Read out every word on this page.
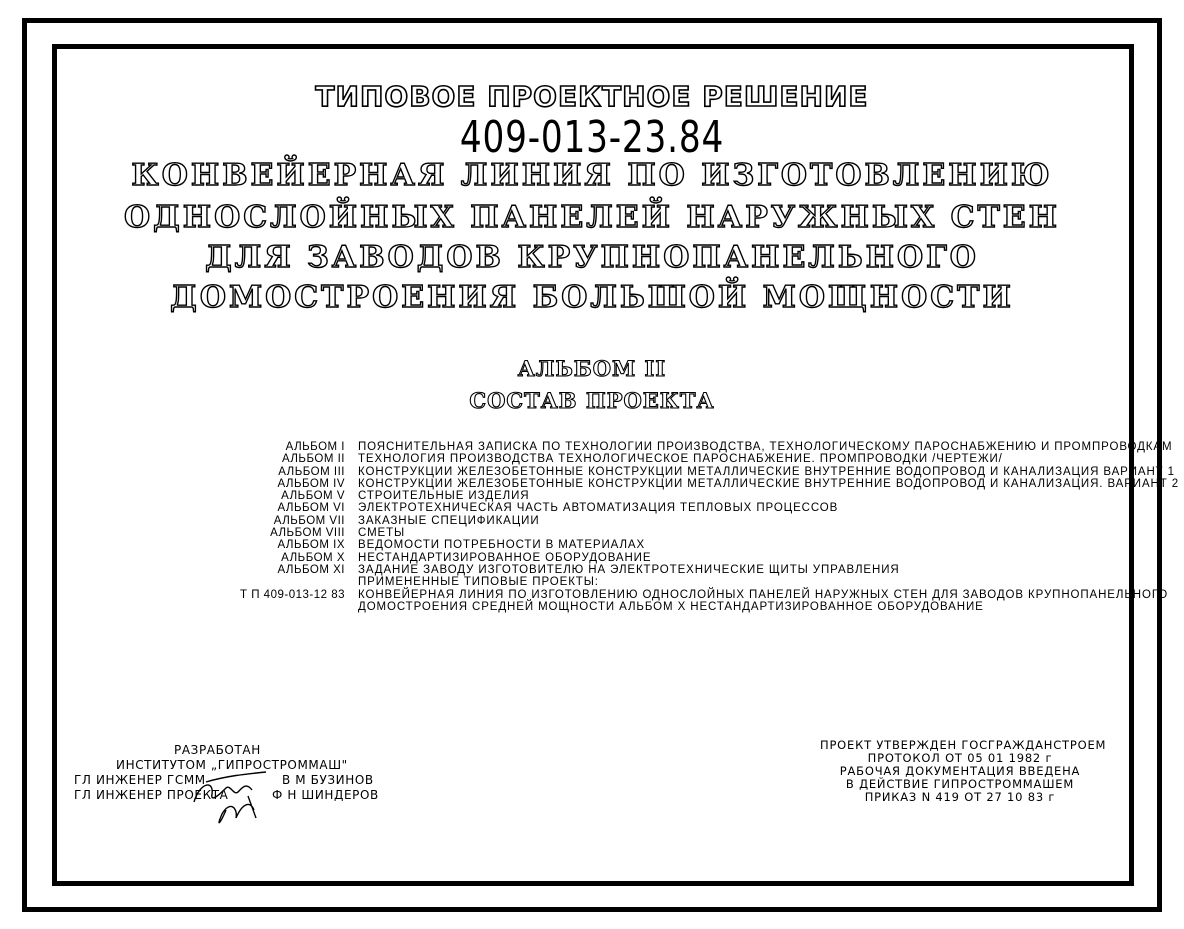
ТИПОВОЕ ПРОЕКТНОЕ РЕШЕНИЕ
409-013-23.84
КОНВЕЙЕРНАЯ ЛИНИЯ ПО ИЗГОТОВЛЕНИЮ
ОДНОСЛОЙНЫХ ПАНЕЛЕЙ НАРУЖНЫХ СТЕН
ДЛЯ ЗАВОДОВ КРУПНОПАНЕЛЬНОГО
ДОМОСТРОЕНИЯ БОЛЬШОЙ МОЩНОСТИ
АЛЬБОМ II
СОСТАВ ПРОЕКТА
АЛЬБОМ I ПОЯСНИТЕЛЬНАЯ ЗАПИСКА ПО ТЕХНОЛОГИИ ПРОИЗВОДСТВА, ТЕХНОЛОГИЧЕСКОМУ ПАРОСНАБЖЕНИЮ И ПРОМПРОВОДКАМ
АЛЬБОМ II ТЕХНОЛОГИЯ ПРОИЗВОДСТВА ТЕХНОЛОГИЧЕСКОЕ ПАРОСНАБЖЕНИЕ. ПРОМПРОВОДКИ /ЧЕРТЕЖИ/
АЛЬБОМ III КОНСТРУКЦИИ ЖЕЛЕЗОБЕТОННЫЕ КОНСТРУКЦИИ МЕТАЛЛИЧЕСКИЕ ВНУТРЕННИЕ ВОДОПРОВОД И КАНАЛИЗАЦИЯ ВАРИАНТ 1
АЛЬБОМ IV КОНСТРУКЦИИ ЖЕЛЕЗОБЕТОННЫЕ КОНСТРУКЦИИ МЕТАЛЛИЧЕСКИЕ ВНУТРЕННИЕ ВОДОПРОВОД И КАНАЛИЗАЦИЯ. ВАРИАНТ 2
АЛЬБОМ V СТРОИТЕЛЬНЫЕ ИЗДЕЛИЯ
АЛЬБОМ VI ЭЛЕКТРОТЕХНИЧЕСКАЯ ЧАСТЬ АВТОМАТИЗАЦИЯ ТЕПЛОВЫХ ПРОЦЕССОВ
АЛЬБОМ VII ЗАКАЗНЫЕ СПЕЦИФИКАЦИИ
АЛЬБОМ VIII СМЕТЫ
АЛЬБОМ IX ВЕДОМОСТИ ПОТРЕБНОСТИ В МАТЕРИАЛАХ
АЛЬБОМ X НЕСТАНДАРТИЗИРОВАННОЕ ОБОРУДОВАНИЕ
АЛЬБОМ XI ЗАДАНИЕ ЗАВОДУ ИЗГОТОВИТЕЛЮ НА ЭЛЕКТРОТЕХНИЧЕСКИЕ ЩИТЫ УПРАВЛЕНИЯ
ПРИМЕНЕННЫЕ ТИПОВЫЕ ПРОЕКТЫ:
Т П 409-013-12 83 КОНВЕЙЕРНАЯ ЛИНИЯ ПО ИЗГОТОВЛЕНИЮ ОДНОСЛОЙНЫХ ПАНЕЛЕЙ НАРУЖНЫХ СТЕН ДЛЯ ЗАВОДОВ КРУПНОПАНЕЛЬНОГО
ДОМОСТРОЕНИЯ СРЕДНЕЙ МОЩНОСТИ АЛЬБОМ X НЕСТАНДАРТИЗИРОВАННОЕ ОБОРУДОВАНИЕ
РАЗРАБОТАН
ИНСТИТУТОМ „ГИПРОСТРОММАШ"
ГЛ ИНЖЕНЕР ГСММ	В М БУЗИНОВ
ГЛ ИНЖЕНЕР ПРОЕКТА	Ф Н ШИНДЕРОВ
ПРОЕКТ УТВЕРЖДЕН ГОСГРАЖДАНСТРОЕМ
ПРОТОКОЛ ОТ 05 01 1982 г
РАБОЧАЯ ДОКУМЕНТАЦИЯ ВВЕДЕНА
В ДЕЙСТВИЕ ГИПРОСТРОММАШЕМ
ПРИКАЗ N 419 ОТ 27 10 83 г
